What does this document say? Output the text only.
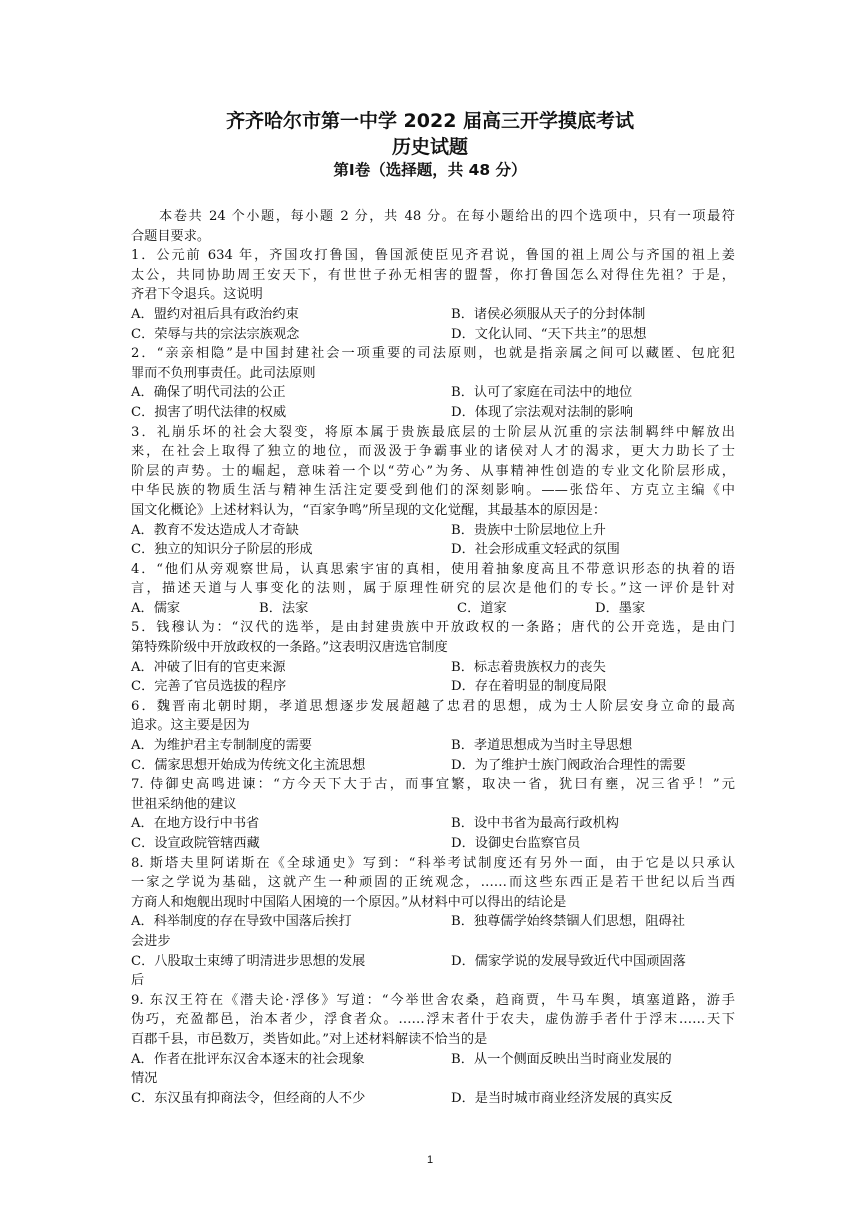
齐齐哈尔市第一中学 2022 届高三开学摸底考试
历史试题
第Ⅰ卷（选择题，共 48 分）
本卷共 24 个小题，每小题 2 分，共 48 分。在每小题给出的四个选项中，只有一项最符
合题目要求。
1．公元前 634 年，齐国攻打鲁国，鲁国派使臣见齐君说，鲁国的祖上周公与齐国的祖上姜
太公，共同协助周王安天下，有世世子孙无相害的盟誓，你打鲁国怎么对得住先祖？于是，
齐君下令退兵。这说明
A．盟约对祖后具有政治约束	B．诸侯必须服从天子的分封体制
C．荣辱与共的宗法宗族观念	D．文化认同、“天下共主”的思想
2．“亲亲相隐”是中国封建社会一项重要的司法原则，也就是指亲属之间可以藏匿、包庇犯
罪而不负刑事责任。此司法原则
A．确保了明代司法的公正	B．认可了家庭在司法中的地位
C．损害了明代法律的权威	D．体现了宗法观对法制的影响
3．礼崩乐坏的社会大裂变，将原本属于贵族最底层的士阶层从沉重的宗法制羁绊中解放出
来，在社会上取得了独立的地位，而汲汲于争霸事业的诸侯对人才的渴求，更大力助长了士
阶层的声势。士的崛起，意味着一个以“劳心”为务、从事精神性创造的专业文化阶层形成，
中华民族的物质生活与精神生活注定要受到他们的深刻影响。——张岱年、方克立主编《中
国文化概论》上述材料认为，“百家争鸣”所呈现的文化觉醒，其最基本的原因是：
A．教育不发达造成人才奇缺	B．贵族中士阶层地位上升
C．独立的知识分子阶层的形成	D．社会形成重文轻武的氛围
4．“他们从旁观察世局，认真思索宇宙的真相，使用着抽象度高且不带意识形态的执着的语
言，描述天道与人事变化的法则，属于原理性研究的层次是他们的专长。”这一评价是针对
A．儒家	B．法家	C．道家	D．墨家
5．钱穆认为：“汉代的选举，是由封建贵族中开放政权的一条路；唐代的公开竞选，是由门
第特殊阶级中开放政权的一条路。”这表明汉唐选官制度
A．冲破了旧有的官吏来源	B．标志着贵族权力的丧失
C．完善了官员选拔的程序	D．存在着明显的制度局限
6．魏晋南北朝时期，孝道思想逐步发展超越了忠君的思想，成为士人阶层安身立命的最高
追求。这主要是因为
A．为维护君主专制制度的需要	B．孝道思想成为当时主导思想
C．儒家思想开始成为传统文化主流思想	D．为了维护士族门阀政治合理性的需要
7. 侍御史高鸣进谏：“方今天下大于古，而事宜繁，取决一省，犹曰有壅，况三省乎！”元
世祖采纳他的建议
A．在地方设行中书省	B．设中书省为最高行政机构
C．设宣政院管辖西藏	D．设御史台监察官员
8. 斯塔夫里阿诺斯在《全球通史》写到：“科举考试制度还有另外一面，由于它是以只承认
一家之学说为基础，这就产生一种顽固的正统观念，……而这些东西正是若干世纪以后当西
方商人和炮舰出现时中国陷人困境的一个原因。”从材料中可以得出的结论是
A．科举制度的存在导致中国落后挨打	B．独尊儒学始终禁锢人们思想，阻碍社
会进步
C．八股取士束缚了明清进步思想的发展	D．儒家学说的发展导致近代中国顽固落
后
9. 东汉王符在《潜夫论·浮侈》写道：“今举世舍农桑，趋商贾，牛马车舆，填塞道路，游手
伪巧，充盈都邑，治本者少，浮食者众。……浮末者什于农夫，虚伪游手者什于浮末……天下
百郡千县，市邑数万，类皆如此。”对上述材料解读不恰当的是
A．作者在批评东汉舍本逐末的社会现象	B．从一个侧面反映出当时商业发展的
情况
C．东汉虽有抑商法令，但经商的人不少	D．是当时城市商业经济发展的真实反
1
